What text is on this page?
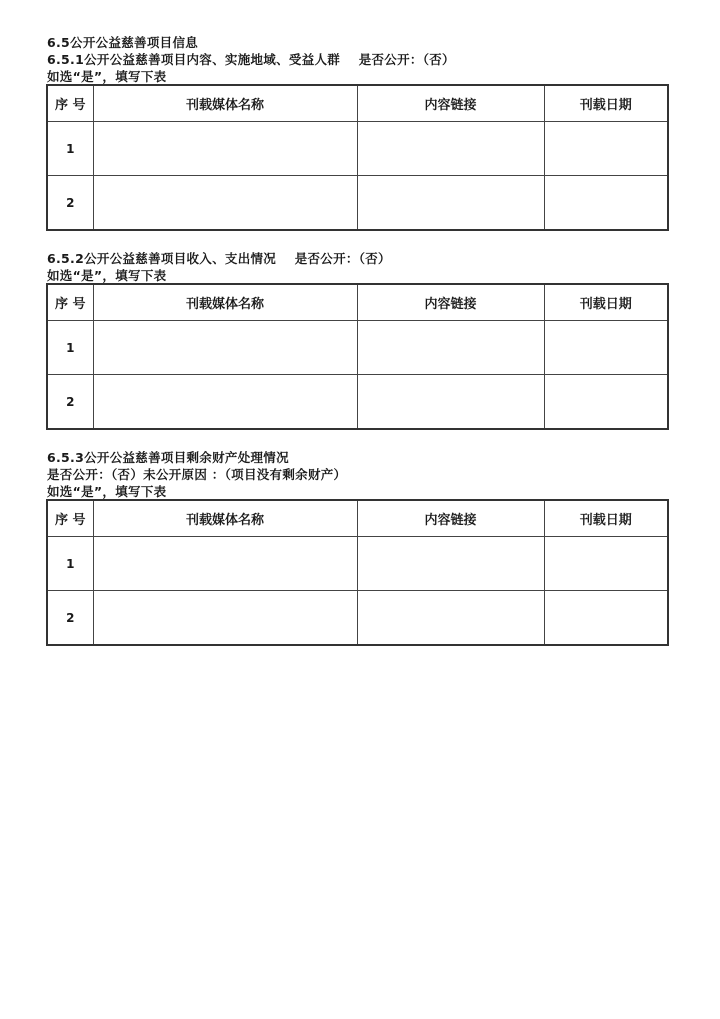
6.5公开公益慈善项目信息
6.5.1公开公益慈善项目内容、实施地域、受益人群    是否公开：（否）
如选“是”，填写下表
序 号	刊载媒体名称	内容链接	刊载日期
1			
2			
6.5.2公开公益慈善项目收入、支出情况    是否公开：（否）
如选“是”，填写下表
序 号	刊载媒体名称	内容链接	刊载日期
1			
2			
6.5.3公开公益慈善项目剩余财产处理情况
是否公开：（否）未公开原因 ：（项目没有剩余财产）
如选“是”，填写下表
序 号	刊载媒体名称	内容链接	刊载日期
1			
2			
